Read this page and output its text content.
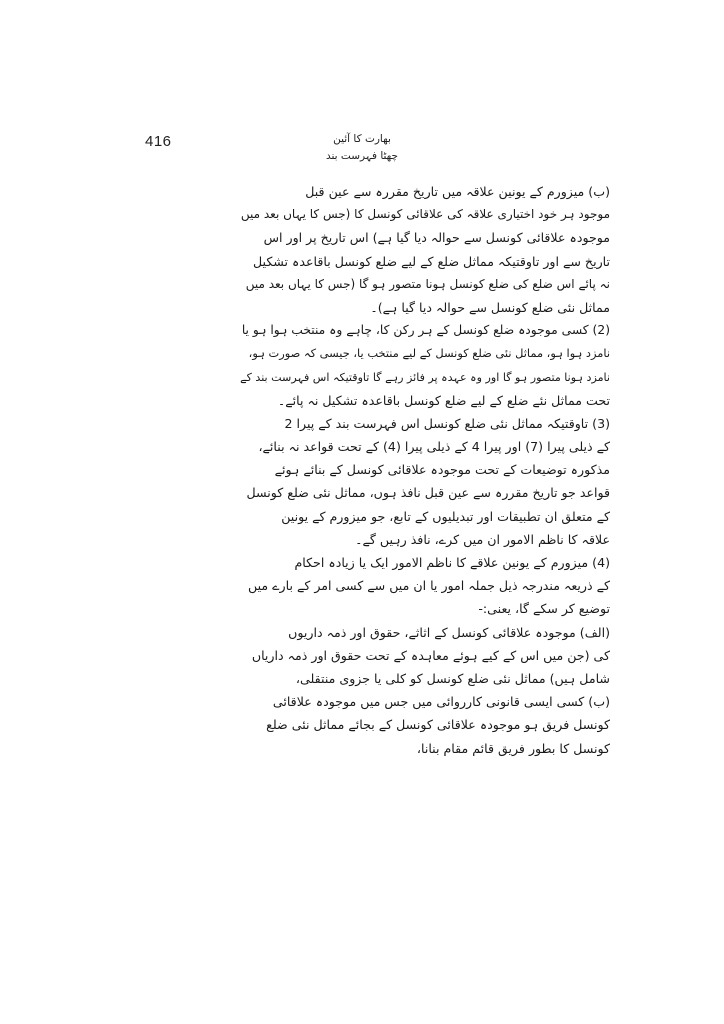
416	بھارت کا آئین
چھٹا فہرست بند
(ب) میزورم کے یونین علاقہ میں تاریخ مقررہ سے عین قبل
موجود ہر خود اختیاری علاقہ کی علاقائی کونسل کا (جس کا یہاں بعد میں
موجودہ علاقائی کونسل سے حوالہ دیا گیا ہے) اس تاریخ پر اور اس
تاریخ سے اور تاوقتیکہ مماثل ضلع کے لیے ضلع کونسل باقاعدہ تشکیل
نہ پائے اس ضلع کی ضلع کونسل ہونا متصور ہو گا (جس کا یہاں بعد میں
مماثل نئی ضلع کونسل سے حوالہ دیا گیا ہے)۔
(2) کسی موجودہ ضلع کونسل کے ہر رکن کا، چاہے وہ منتخب ہوا ہو یا
نامزد ہوا ہو، مماثل نئی ضلع کونسل کے لیے منتخب یا، جیسی کہ صورت ہو،
نامزد ہونا متصور ہو گا اور وہ عہدہ پر فائز رہے گا تاوقتیکہ اس فہرست بند کے
تحت مماثل نئے ضلع کے لیے ضلع کونسل باقاعدہ تشکیل نہ پائے۔
(3) تاوقتیکہ مماثل نئی ضلع کونسل اس فہرست بند کے پیرا 2
کے ذیلی پیرا (7) اور پیرا 4 کے ذیلی پیرا (4) کے تحت قواعد نہ بنائے،
مذکورہ توضیعات کے تحت موجودہ علاقائی کونسل کے بنائے ہوئے
قواعد جو تاریخ مقررہ سے عین قبل نافذ ہوں، مماثل نئی ضلع کونسل
کے متعلق ان تطبیقات اور تبدیلیوں کے تابع، جو میزورم کے یونین
علاقہ کا ناظم الامور ان میں کرے، نافذ رہیں گے۔
(4) میزورم کے یونین علاقے کا ناظم الامور ایک یا زیادہ احکام
کے ذریعہ مندرجہ ذیل جملہ امور یا ان میں سے کسی امر کے بارے میں
توضیع کر سکے گا، یعنی:-
(الف) موجودہ علاقائی کونسل کے اثاثے، حقوق اور ذمہ داریوں
کی (جن میں اس کے کیے ہوئے معاہدہ کے تحت حقوق اور ذمہ داریاں
شامل ہیں) مماثل نئی ضلع کونسل کو کلی یا جزوی منتقلی،
(ب) کسی ایسی قانونی کارروائی میں جس میں موجودہ علاقائی
کونسل فریق ہو موجودہ علاقائی کونسل کے بجائے مماثل نئی ضلع
کونسل کا بطور فریق قائم مقام بنانا،
